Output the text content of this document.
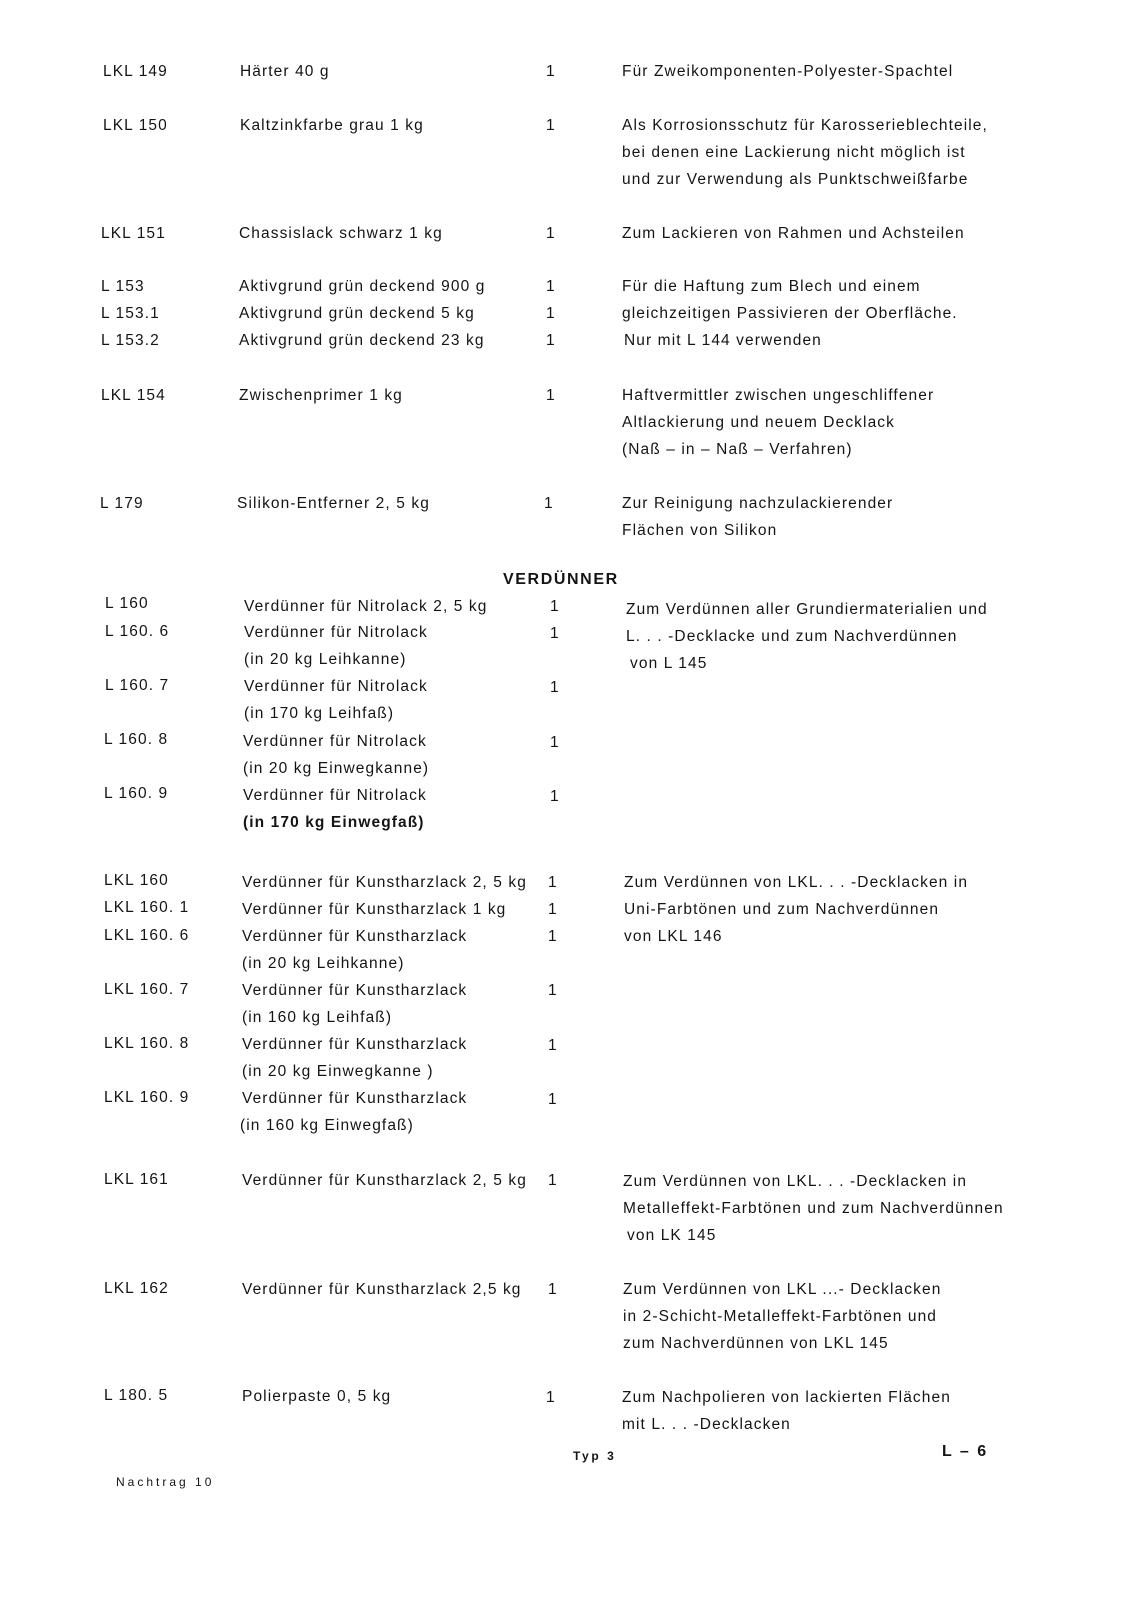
LKL 149	Härter 40 g	1	Für Zweikomponenten-Polyester-Spachtel
LKL 150	Kaltzinkfarbe grau 1 kg	1	Als Korrosionsschutz für Karosserieblechteile,
bei denen eine Lackierung nicht möglich ist
und zur Verwendung als Punktschweißfarbe
LKL 151	Chassislack schwarz 1 kg	1	Zum Lackieren von Rahmen und Achsteilen
L 153	Aktivgrund grün deckend 900 g	1	Für die Haftung zum Blech und einem
L 153.1	Aktivgrund grün deckend 5 kg	1	gleichzeitigen Passivieren der Oberfläche.
L 153.2	Aktivgrund grün deckend 23 kg	1	Nur mit L 144 verwenden
LKL 154	Zwischenprimer 1 kg	1	Haftvermittler zwischen ungeschliffener
Altlackierung und neuem Decklack
(Naß – in – Naß – Verfahren)
L 179	Silikon-Entferner 2, 5 kg	1	Zur Reinigung nachzulackierender
Flächen von Silikon
VERDÜNNER
L 160	Verdünner für Nitrolack 2, 5 kg	1	Zum Verdünnen aller Grundiermaterialien und
L. . . -Decklacke und zum Nachverdünnen
von L 145
L 160. 6	Verdünner für Nitrolack
(in 20 kg Leihkanne)
1
L 160. 7	Verdünner für Nitrolack
(in 170 kg Leihfaß)
1
L 160. 8	Verdünner für Nitrolack
(in 20 kg Einwegkanne)
1
L 160. 9	Verdünner für Nitrolack
(in 170 kg Einwegfaß)
1
LKL 160	Verdünner für Kunstharzlack 2, 5 kg 1	Zum Verdünnen von LKL. . . -Decklacken in
Uni-Farbtönen und zum Nachverdünnen
von LKL 146
LKL 160. 1	Verdünner für Kunstharzlack 1 kg	1
LKL 160. 6	Verdünner für Kunstharzlack
(in 20 kg Leihkanne)
1
LKL 160. 7	Verdünner für Kunstharzlack
(in 160 kg Leihfaß)
1
LKL 160. 8	Verdünner für Kunstharzlack
(in 20 kg Einwegkanne )
1
LKL 160. 9	Verdünner für Kunstharzlack
(in 160 kg Einwegfaß)
1
LKL 161	Verdünner für Kunstharzlack 2, 5 kg 1	Zum Verdünnen von LKL. . . -Decklacken in
Metalleffekt-Farbtönen und zum Nachverdünnen
von LK 145
LKL 162	Verdünner für Kunstharzlack 2,5 kg 1	Zum Verdünnen von LKL ...- Decklacken
in 2-Schicht-Metalleffekt-Farbtönen und
zum Nachverdünnen von LKL 145
L 180. 5	Polierpaste 0, 5 kg	1	Zum Nachpolieren von lackierten Flächen
mit L. . . -Decklacken
Typ 3	L – 6
Nachtrag 10
